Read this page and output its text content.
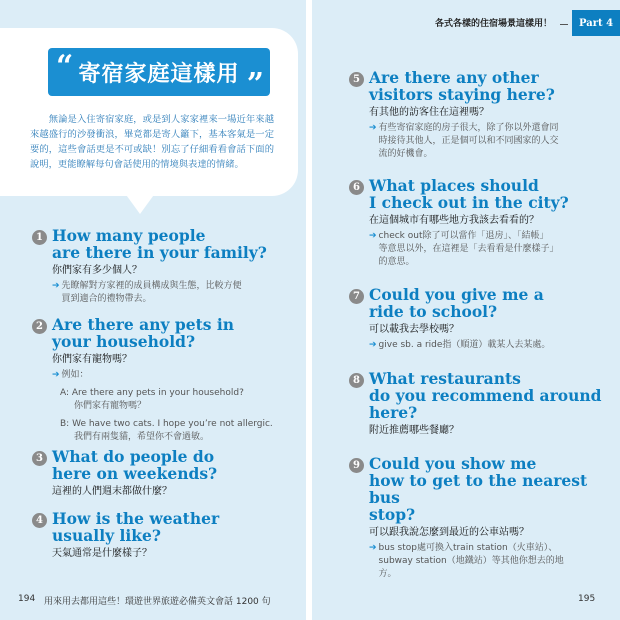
各式各樣的住宿場景這樣用！	Part 4
“ 寄宿家庭這樣用 ”
　　無論是入住寄宿家庭，或是到人家家裡來一場近年來越來越盛行的沙發衝浪，畢竟都是寄人籬下，基本客氣是一定要的，這些會話更是不可或缺！別忘了仔細看看會話下面的說明，更能瞭解每句會話使用的情境與表達的情緒。
1 How many people
are there in your family?
你們家有多少個人？
➔ 先瞭解對方家裡的成員構成與生態，比較方便
買到適合的禮物帶去。
2 Are there any pets in
your household?
你們家有寵物嗎？
➔ 例如：
A: Are there any pets in your household?
你們家有寵物嗎？
B: We have two cats. I hope you’re not allergic.
我們有兩隻貓，希望你不會過敏。
3 What do people do
here on weekends?
這裡的人們週末都做什麼？
4 How is the weather
usually like?
天氣通常是什麼樣子？
5 Are there any other
visitors staying here?
有其他的訪客住在這裡嗎？
➔ 有些寄宿家庭的房子很大，除了你以外還會同
時接待其他人，正是個可以和不同國家的人交
流的好機會。
6 What places should
I check out in the city?
在這個城市有哪些地方我該去看看的？
➔ check out除了可以當作「退房」、「結帳」
等意思以外，在這裡是「去看看是什麼樣子」
的意思。
7 Could you give me a
ride to school?
可以載我去學校嗎？
➔ give sb. a ride指（順道）載某人去某處。
8 What restaurants
do you recommend around
here?
附近推薦哪些餐廳？
9 Could you show me
how to get to the nearest bus
stop?
可以跟我說怎麼到最近的公車站嗎？
➔ bus stop處可換入train station（火車站）、
subway station（地鐵站）等其他你想去的地
方。
194 用來用去都用這些！環遊世界旅遊必備英文會話 1200 句	195
